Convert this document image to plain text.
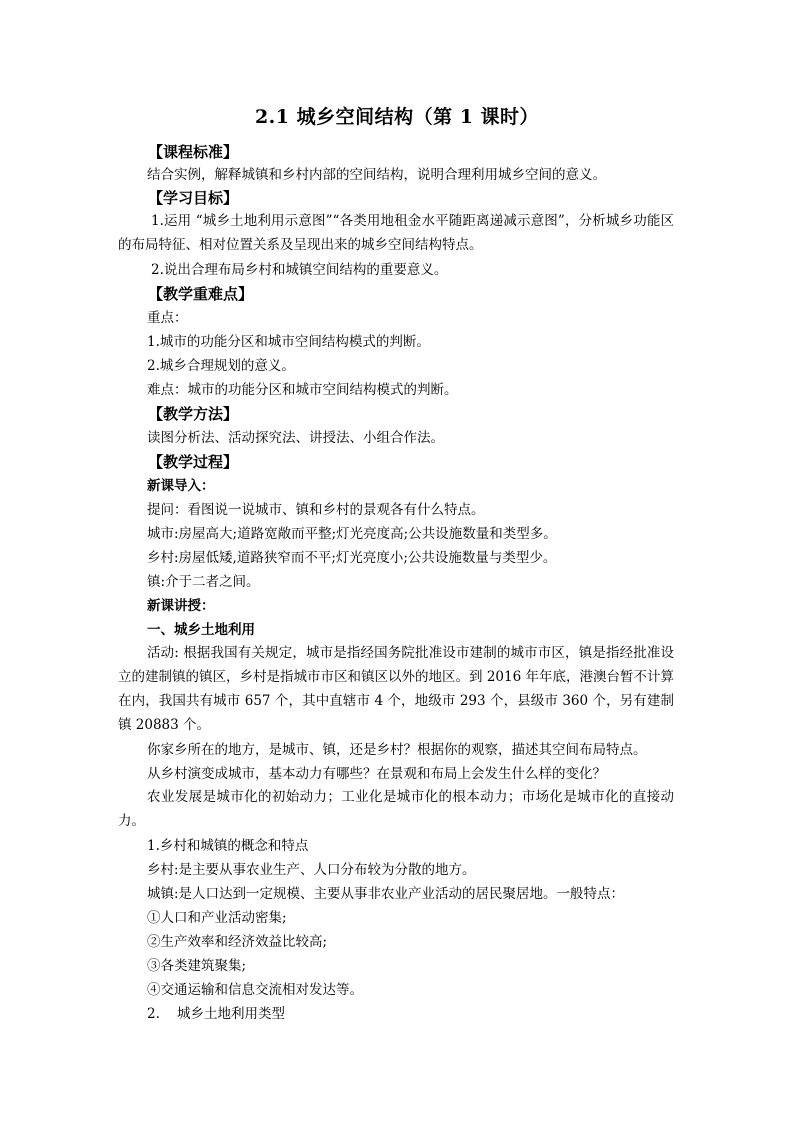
2.1 城乡空间结构（第 1 课时）
【课程标准】
结合实例，解释城镇和乡村内部的空间结构，说明合理利用城乡空间的意义。
【学习目标】

1.运用 “城乡土地利用示意图”“各类用地租金水平随距离递减示意图”，分析城乡功能区的布局特征、相对位置关系及呈现出来的城乡空间结构特点。

2.说出合理布局乡村和城镇空间结构的重要意义。
【教学重难点】
重点：
1.城市的功能分区和城市空间结构模式的判断。
2.城乡合理规划的意义。
难点：城市的功能分区和城市空间结构模式的判断。
【教学方法】
读图分析法、活动探究法、讲授法、小组合作法。
【教学过程】
新课导入：
提问：看图说一说城市、镇和乡村的景观各有什么特点。
城市:房屋高大;道路宽敞而平整;灯光亮度高;公共设施数量和类型多。
乡村:房屋低矮,道路狭窄而不平;灯光亮度小;公共设施数量与类型少。
镇:介于二者之间。
新课讲授：
一、城乡土地利用

活动: 根据我国有关规定，城市是指经国务院批准设市建制的城市市区，镇是指经批准设立的建制镇的镇区，乡村是指城市市区和镇区以外的地区。到 2016 年年底，港澳台暂不计算在内，我国共有城市 657 个，其中直辖市 4 个，地级市 293 个，县级市 360 个，另有建制镇 20883 个。

你家乡所在的地方，是城市、镇，还是乡村？根据你的观察，描述其空间布局特点。
从乡村演变成城市，基本动力有哪些？在景观和布局上会发生什么样的变化？

农业发展是城市化的初始动力；工业化是城市化的根本动力；市场化是城市化的直接动力。

1.乡村和城镇的概念和特点
乡村:是主要从事农业生产、人口分布较为分散的地方。
城镇:是人口达到一定规模、主要从事非农业产业活动的居民聚居地。一般特点：
①人口和产业活动密集;
②生产效率和经济效益比较高;
③各类建筑聚集;
④交通运输和信息交流相对发达等。
2.    城乡土地利用类型
